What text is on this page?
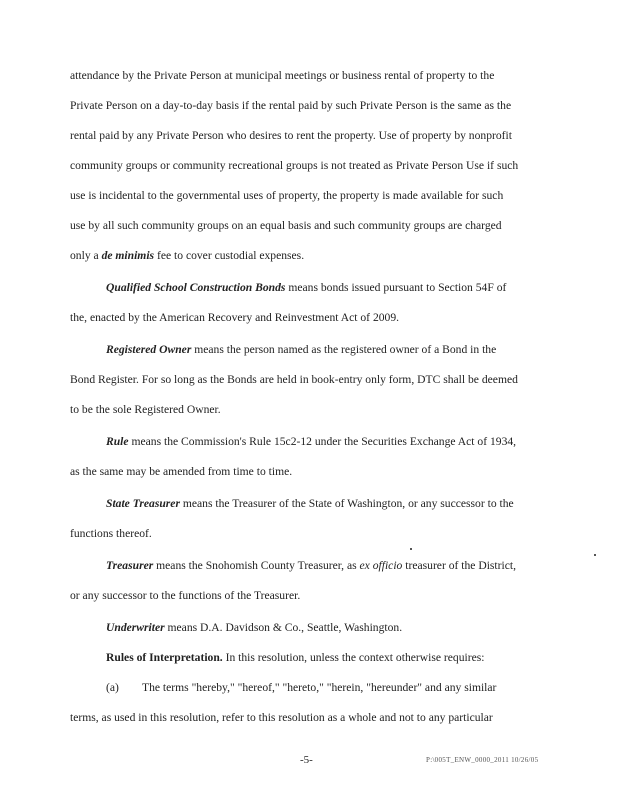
attendance by the Private Person at municipal meetings or business rental of property to the
Private Person on a day-to-day basis if the rental paid by such Private Person is the same as the
rental paid by any Private Person who desires to rent the property. Use of property by nonprofit
community groups or community recreational groups is not treated as Private Person Use if such
use is incidental to the governmental uses of property, the property is made available for such
use by all such community groups on an equal basis and such community groups are charged
only a de minimis fee to cover custodial expenses.
Qualified School Construction Bonds means bonds issued pursuant to Section 54F of
the, enacted by the American Recovery and Reinvestment Act of 2009.
Registered Owner means the person named as the registered owner of a Bond in the
Bond Register. For so long as the Bonds are held in book-entry only form, DTC shall be deemed
to be the sole Registered Owner.
Rule means the Commission's Rule 15c2-12 under the Securities Exchange Act of 1934,
as the same may be amended from time to time.
State Treasurer means the Treasurer of the State of Washington, or any successor to the
functions thereof.
Treasurer means the Snohomish County Treasurer, as ex officio treasurer of the District,
or any successor to the functions of the Treasurer.
Underwriter means D.A. Davidson & Co., Seattle, Washington.
Rules of Interpretation. In this resolution, unless the context otherwise requires:
(a) The terms "hereby," "hereof," "hereto," "herein, "hereunder" and any similar
terms, as used in this resolution, refer to this resolution as a whole and not to any particular
-5-	P:\005T_ENW_0000_2011 10/26/05
